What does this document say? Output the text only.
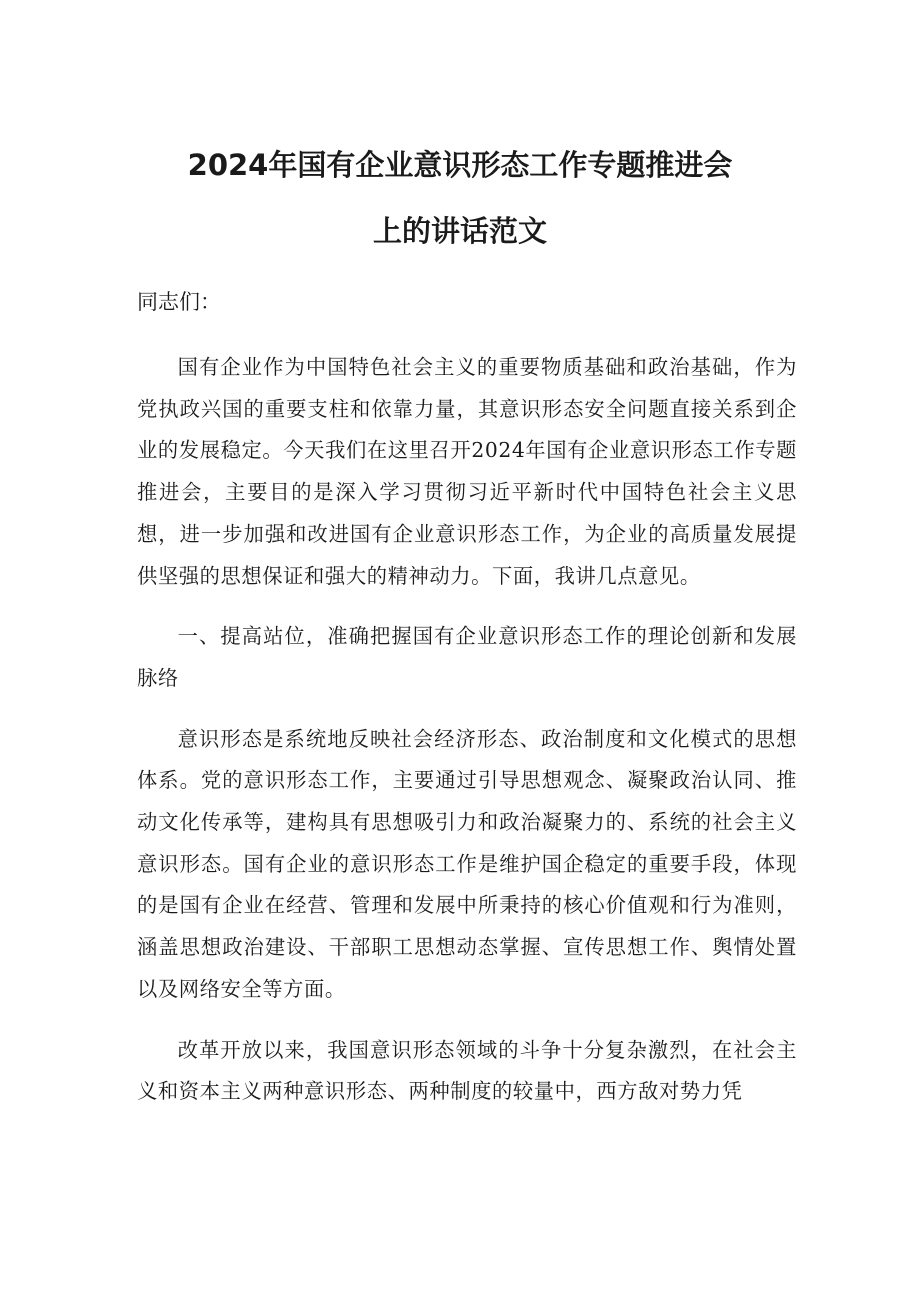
2024年国有企业意识形态工作专题推进会
上的讲话范文

同志们：

国有企业作为中国特色社会主义的重要物质基础和政治基础，作为党执政兴国的重要支柱和依靠力量，其意识形态安全问题直接关系到企业的发展稳定。今天我们在这里召开2024年国有企业意识形态工作专题推进会，主要目的是深入学习贯彻习近平新时代中国特色社会主义思想，进一步加强和改进国有企业意识形态工作，为企业的高质量发展提供坚强的思想保证和强大的精神动力。下面，我讲几点意见。

一、提高站位，准确把握国有企业意识形态工作的理论创新和发展脉络

意识形态是系统地反映社会经济形态、政治制度和文化模式的思想体系。党的意识形态工作，主要通过引导思想观念、凝聚政治认同、推动文化传承等，建构具有思想吸引力和政治凝聚力的、系统的社会主义意识形态。国有企业的意识形态工作是维护国企稳定的重要手段，体现的是国有企业在经营、管理和发展中所秉持的核心价值观和行为准则，涵盖思想政治建设、干部职工思想动态掌握、宣传思想工作、舆情处置以及网络安全等方面。

改革开放以来，我国意识形态领域的斗争十分复杂激烈，在社会主义和资本主义两种意识形态、两种制度的较量中，西方敌对势力凭
